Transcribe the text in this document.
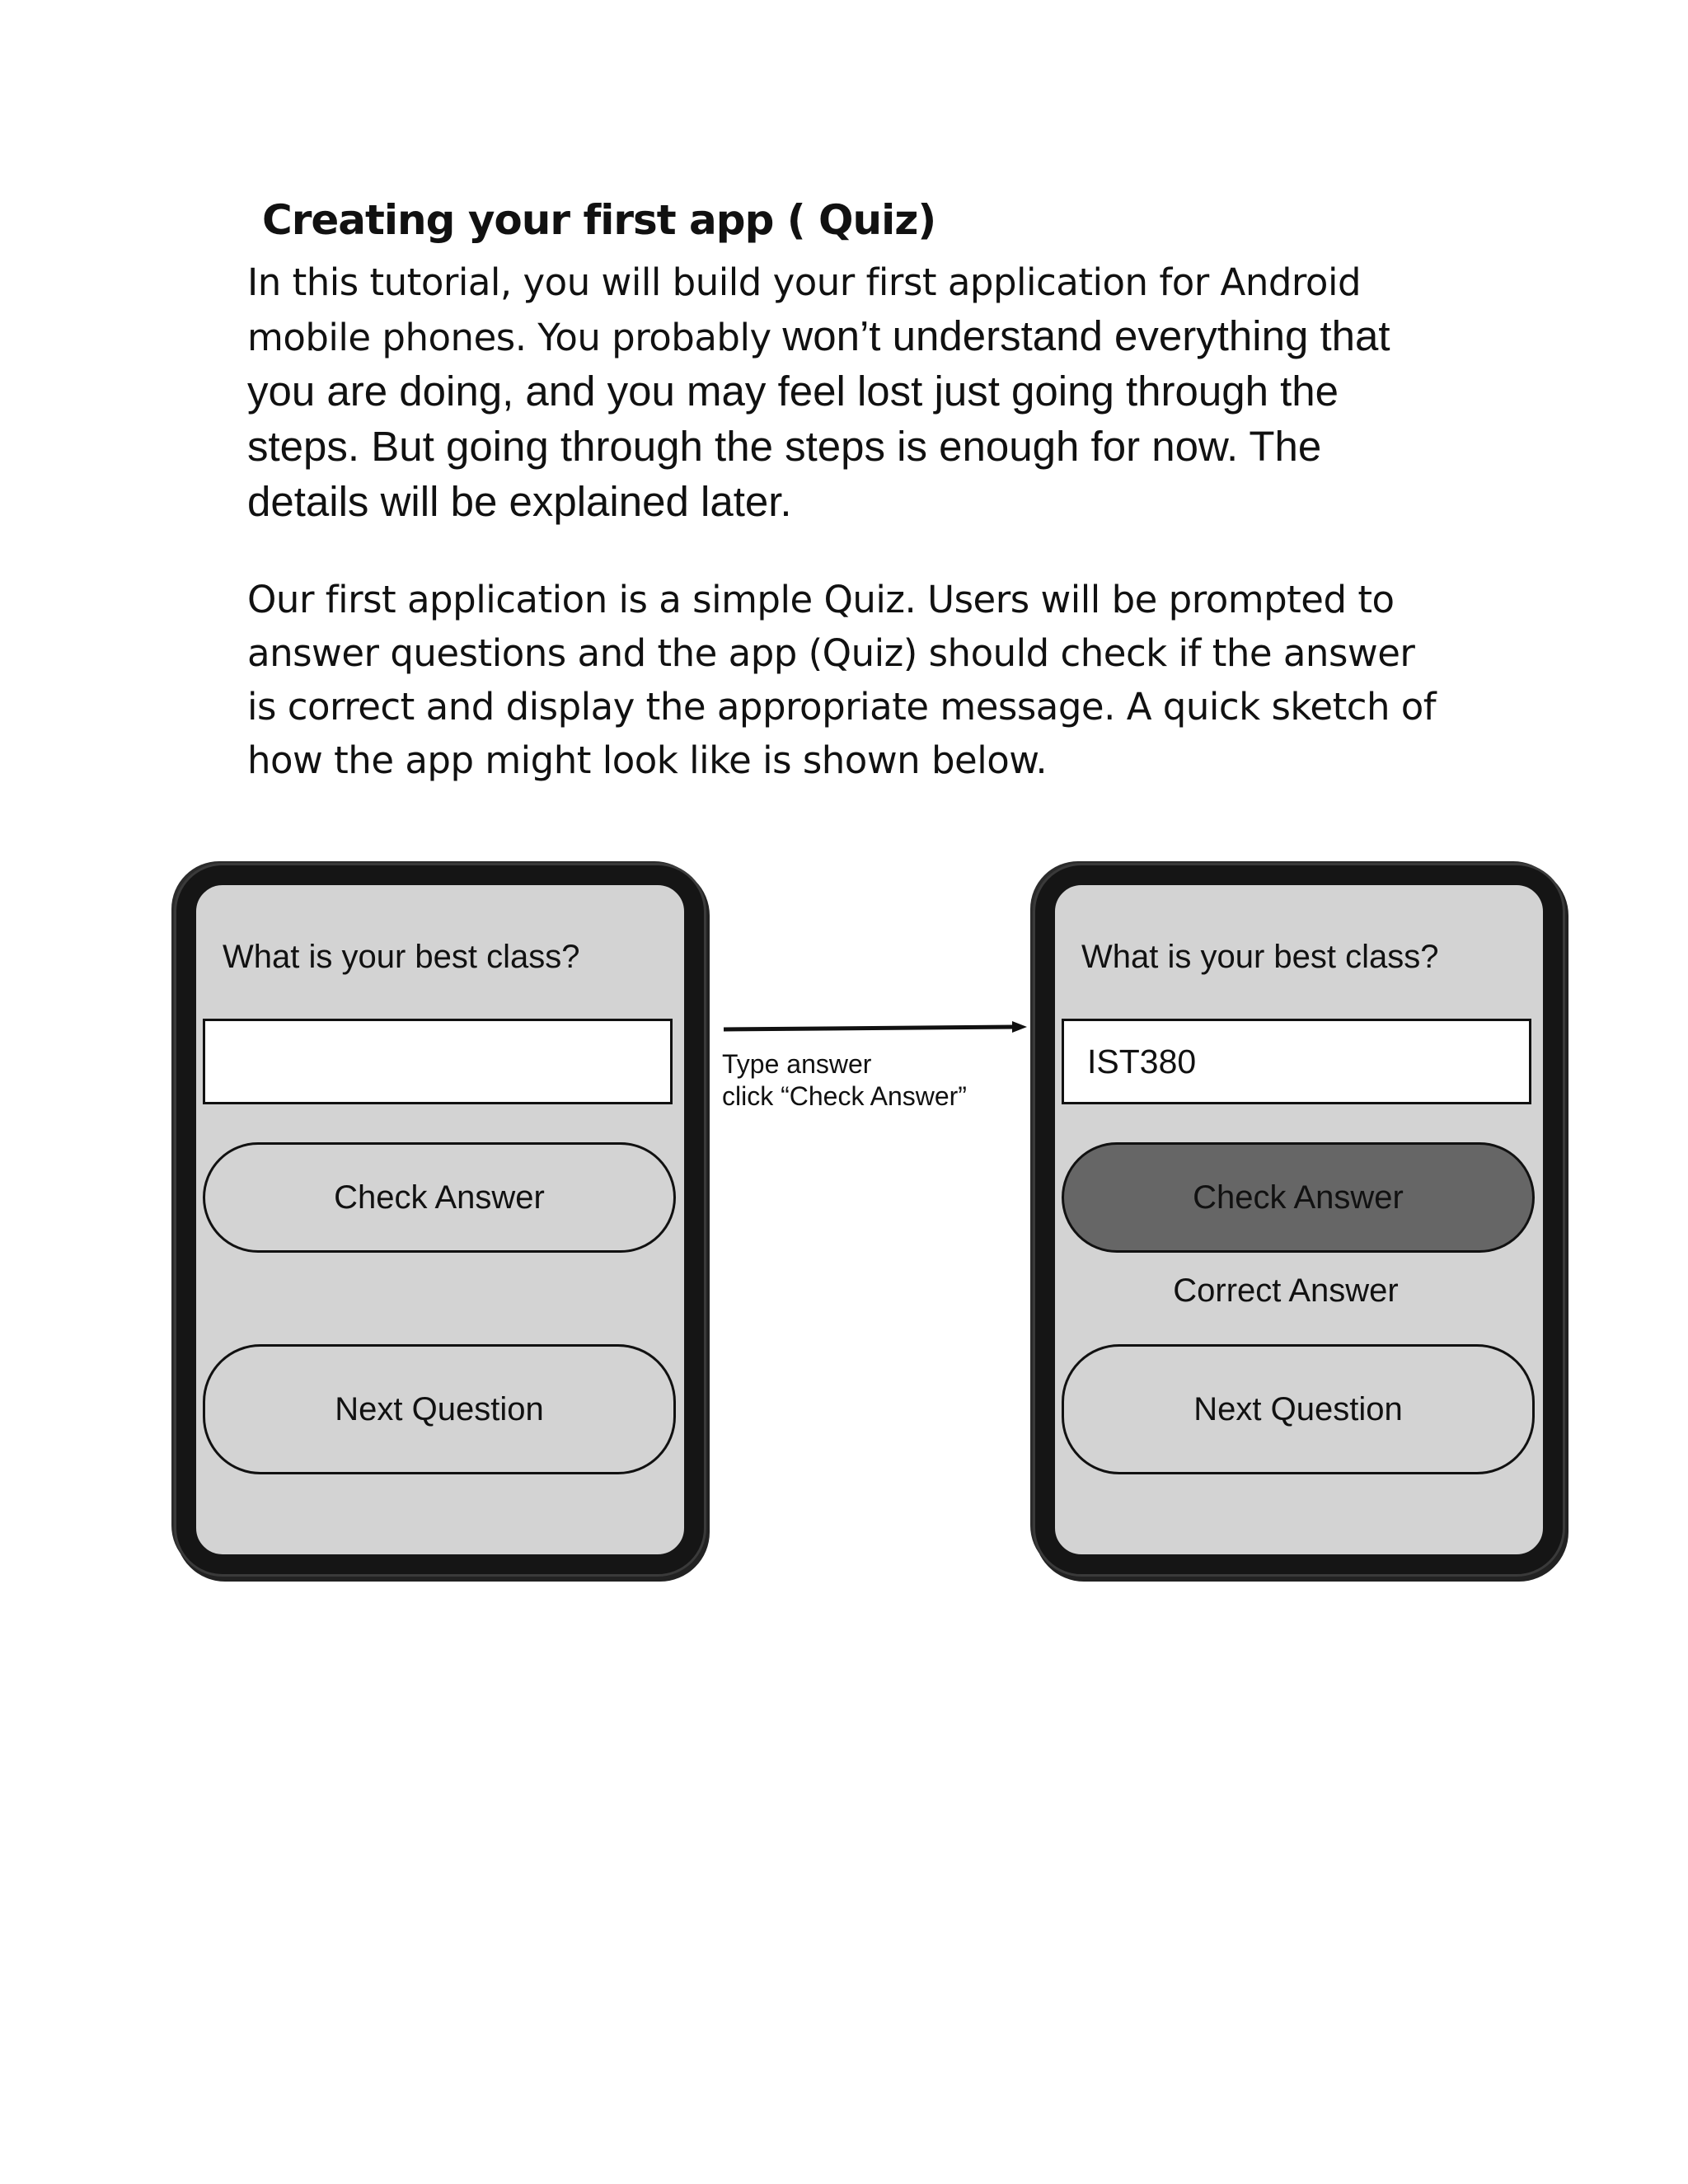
Creating your first app ( Quiz)

In this tutorial, you will build your first application for Android mobile phones. You probably won’t understand everything that you are doing, and you may feel lost just going through the steps. But going through the steps is enough for now. The details will be explained later.

Our first application is a simple Quiz. Users will be prompted to answer questions and the app (Quiz) should check if the answer is correct and display the appropriate message. A quick sketch of how the app might look like is shown below.

What is your best class?
Check Answer
Next Question
Type answer
click “Check Answer”
What is your best class?
IST380
Check Answer
Correct Answer
Next Question
